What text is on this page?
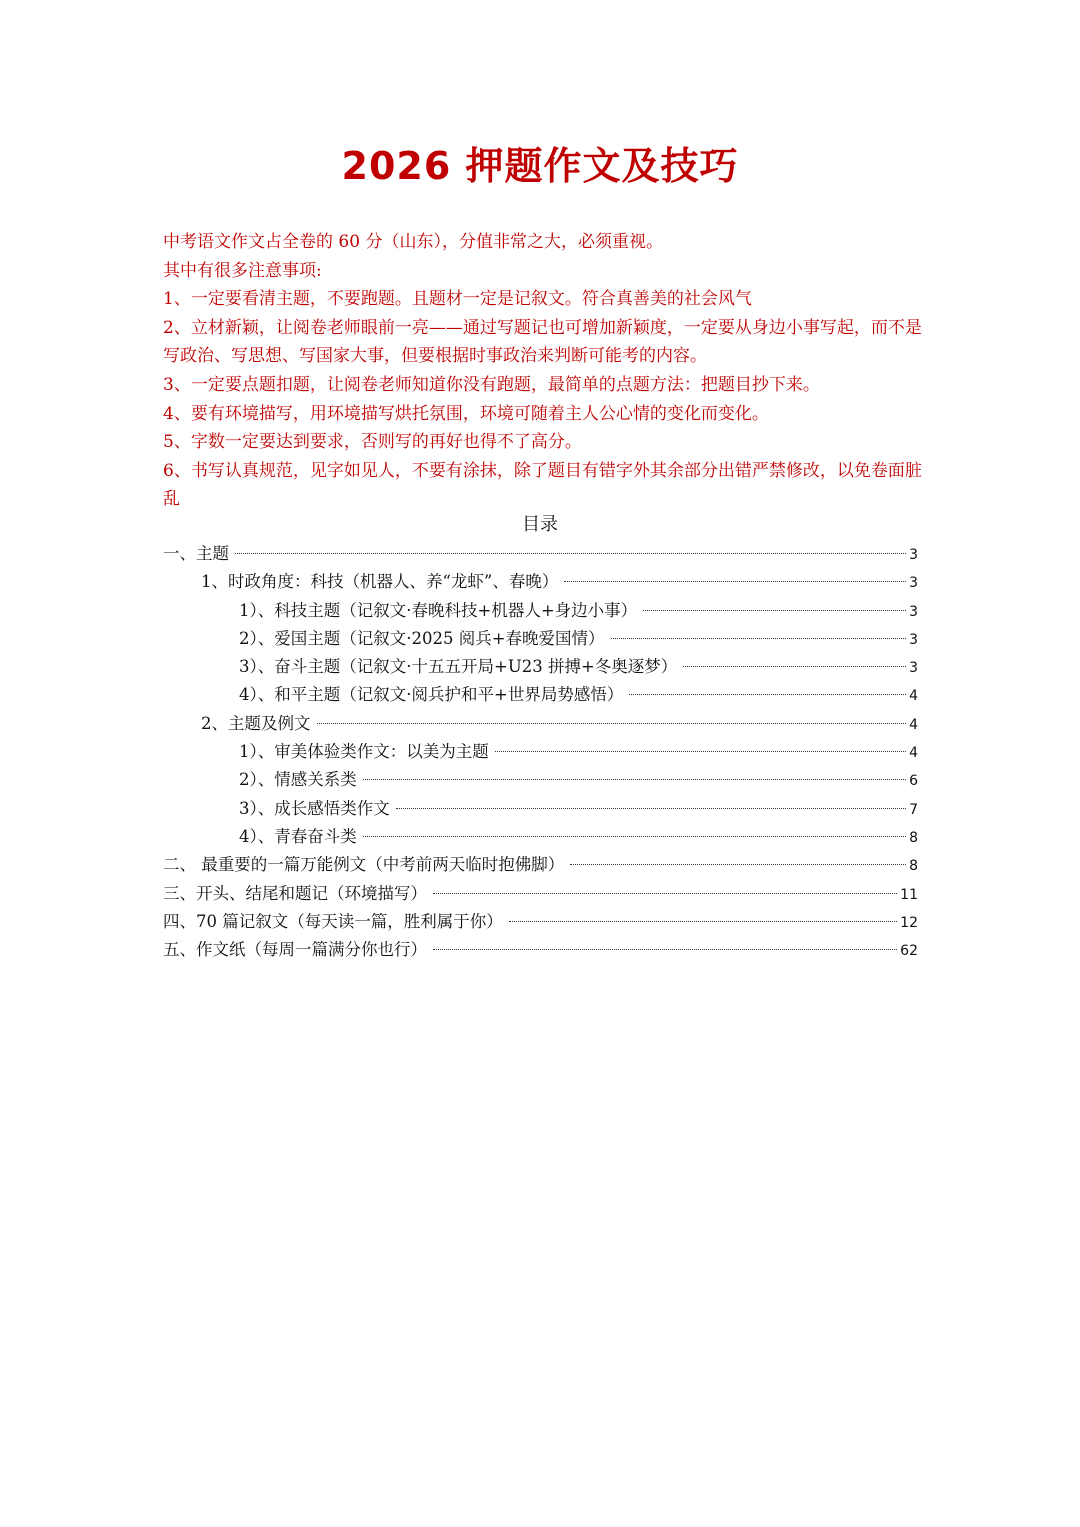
2026 押题作文及技巧

中考语文作文占全卷的 60 分（山东），分值非常之大，必须重视。

其中有很多注意事项:

1、一定要看清主题，不要跑题。且题材一定是记叙文。符合真善美的社会风气

2、立材新颖，让阅卷老师眼前一亮——通过写题记也可增加新颖度，一定要从身边小事写起，而不是写政治、写思想、写国家大事，但要根据时事政治来判断可能考的内容。

3、一定要点题扣题，让阅卷老师知道你没有跑题，最简单的点题方法：把题目抄下来。

4、要有环境描写，用环境描写烘托氛围，环境可随着主人公心情的变化而变化。

5、字数一定要达到要求，否则写的再好也得不了高分。

6、书写认真规范，见字如见人，不要有涂抹，除了题目有错字外其余部分出错严禁修改，以免卷面脏乱

目录
一、主题	3
1、时政角度：科技（机器人、养“龙虾”、春晚）	3
1）、科技主题（记叙文·春晚科技+机器人+身边小事）	3
2）、爱国主题（记叙文·2025 阅兵+春晚爱国情）	3
3）、奋斗主题（记叙文·十五五开局+U23 拼搏+冬奥逐梦）	3
4）、和平主题（记叙文·阅兵护和平+世界局势感悟）	4
2、主题及例文	4
1）、审美体验类作文：以美为主题	4
2）、情感关系类	6
3）、成长感悟类作文	7
4）、青春奋斗类	8
二、 最重要的一篇万能例文（中考前两天临时抱佛脚）	8
三、开头、结尾和题记（环境描写）	11
四、70 篇记叙文（每天读一篇，胜利属于你）	12
五、作文纸（每周一篇满分你也行）	62
